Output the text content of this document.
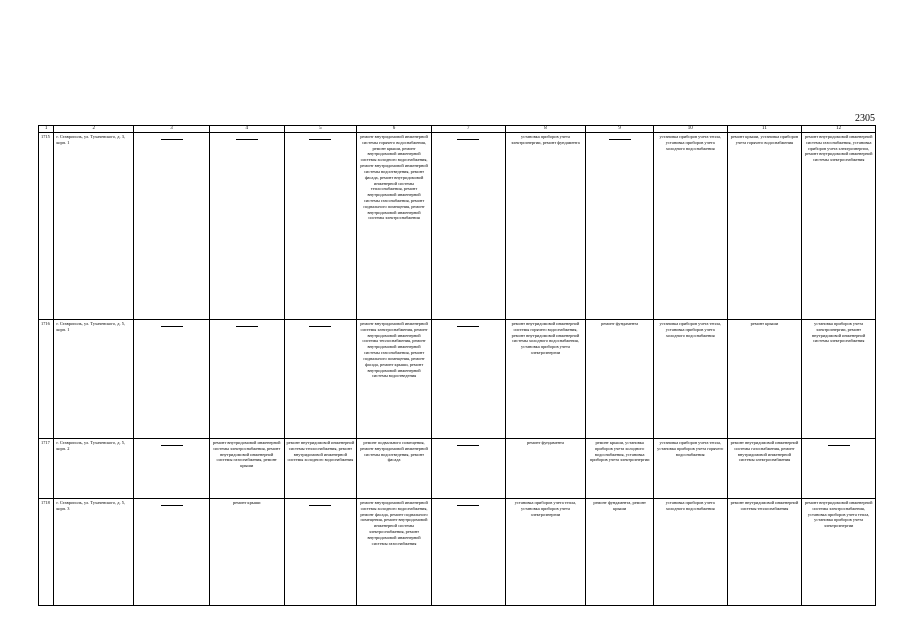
2305
1	2	3	4	5	6	7	8	9	10	11	12
1715	г. Ставрополь, ул. Тухачевского, д. 3, корп. 1				ремонт внутридомовой инженерной системы горячего водоснабжения, ремонт крыши, ремонт внутридомовой инженерной системы холодного водоснабжения, ремонт внутридомовой инженерной системы водоотведения, ремонт фасада, ремонт внутридомовой инженерной системы теплоснабжения, ремонт внутридомовой инженерной системы газоснабжения, ремонт подвального помещения, ремонт внутридомовой инженерной системы электроснабжения		установка приборов учета электроэнергии, ремонт фундамента		установка приборов учета тепла, установка приборов учета холодного водоснабжения	ремонт крыши, установка приборов учета горячего водоснабжения	ремонт внутридомовой инженерной системы газоснабжения, установка приборов учета электроэнергии, ремонт внутридомовой инженерной системы электроснабжения
1716	г. Ставрополь, ул. Тухачевского, д. 5, корп. 1				ремонт внутридомовой инженерной системы электроснабжения, ремонт внутридомовой инженерной системы теплоснабжения, ремонт внутридомовой инженерной системы газоснабжения, ремонт подвального помещения, ремонт фасада, ремонт крыши, ремонт внутридомовой инженерной системы водоотведения		ремонт внутридомовой инженерной системы горячего водоснабжения, ремонт внутридомовой инженерной системы холодного водоснабжения, установка приборов учета электроэнергии	ремонт фундамента	установка приборов учета тепла, установка приборов учета холодного водоснабжения	ремонт крыши	установка приборов учета электроэнергии, ремонт внутридомовой инженерной системы электроснабжения
1717	г. Ставрополь, ул. Тухачевского, д. 5, корп. 2		ремонт внутридомовой инженерной системы электроснабжения, ремонт внутридомовой инженерной системы газоснабжения, ремонт крыши	ремонт внутридомовой инженерной системы теплоснабжения, ремонт внутридомовой инженерной системы холодного водоснабжения	ремонт подвального помещения, ремонт внутридомовой инженерной системы водоотведения, ремонт фасада		ремонт фундамента	ремонт крыши, установка приборов учета холодного водоснабжения, установка приборов учета электроэнергии	установка приборов учета тепла, установка приборов учета горячего водоснабжения	ремонт внутридомовой инженерной системы газоснабжения, ремонт внутридомовой инженерной системы электроснабжения	

1718	г. Ставрополь, ул. Тухачевского, д. 5, корп. 3		ремонт крыши		ремонт внутридомовой инженерной системы холодного водоснабжения, ремонт фасада, ремонт подвального помещения, ремонт внутридомовой инженерной системы электроснабжения, ремонт внутридомовой инженерной системы газоснабжения		установка приборов учета тепла, установка приборов учета электроэнергии	ремонт фундамента, ремонт крыши	установка приборов учета холодного водоснабжения	ремонт внутридомовой инженерной системы теплоснабжения	ремонт внутридомовой инженерной системы электроснабжения, установка приборов учета тепла, установка приборов учета электроэнергии
